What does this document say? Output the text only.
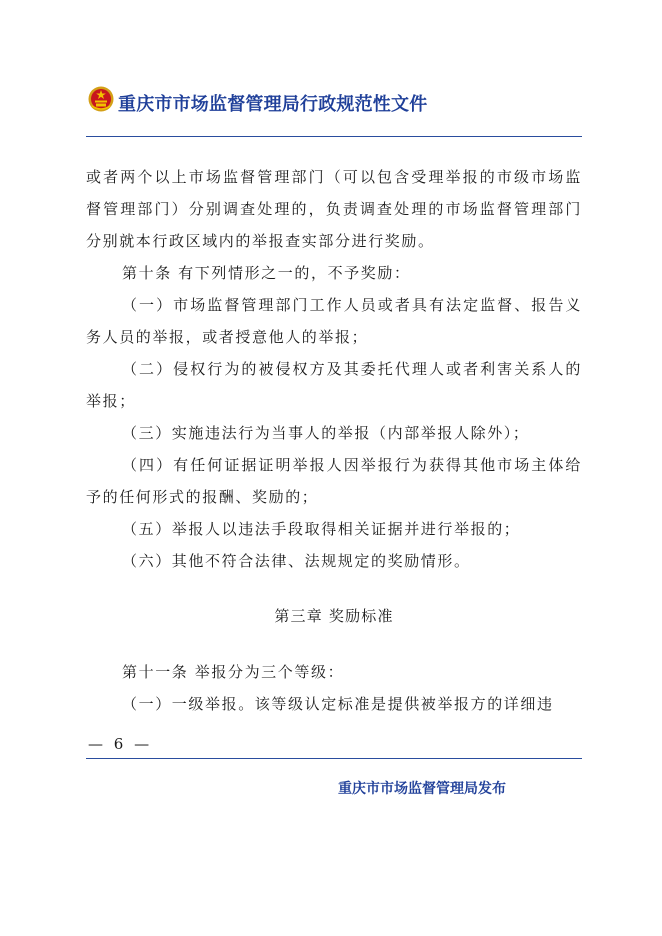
重庆市市场监督管理局行政规范性文件

或者两个以上市场监督管理部门（可以包含受理举报的市级市场监督管理部门）分别调查处理的，负责调查处理的市场监督管理部门分别就本行政区域内的举报查实部分进行奖励。

第十条 有下列情形之一的，不予奖励：

（一）市场监督管理部门工作人员或者具有法定监督、报告义务人员的举报，或者授意他人的举报；

（二）侵权行为的被侵权方及其委托代理人或者利害关系人的举报；

（三）实施违法行为当事人的举报（内部举报人除外）；

（四）有任何证据证明举报人因举报行为获得其他市场主体给予的任何形式的报酬、奖励的；

（五）举报人以违法手段取得相关证据并进行举报的；

（六）其他不符合法律、法规规定的奖励情形。

第三章 奖励标准

第十一条 举报分为三个等级：

（一）一级举报。该等级认定标准是提供被举报方的详细违

— 6 —
重庆市市场监督管理局发布
